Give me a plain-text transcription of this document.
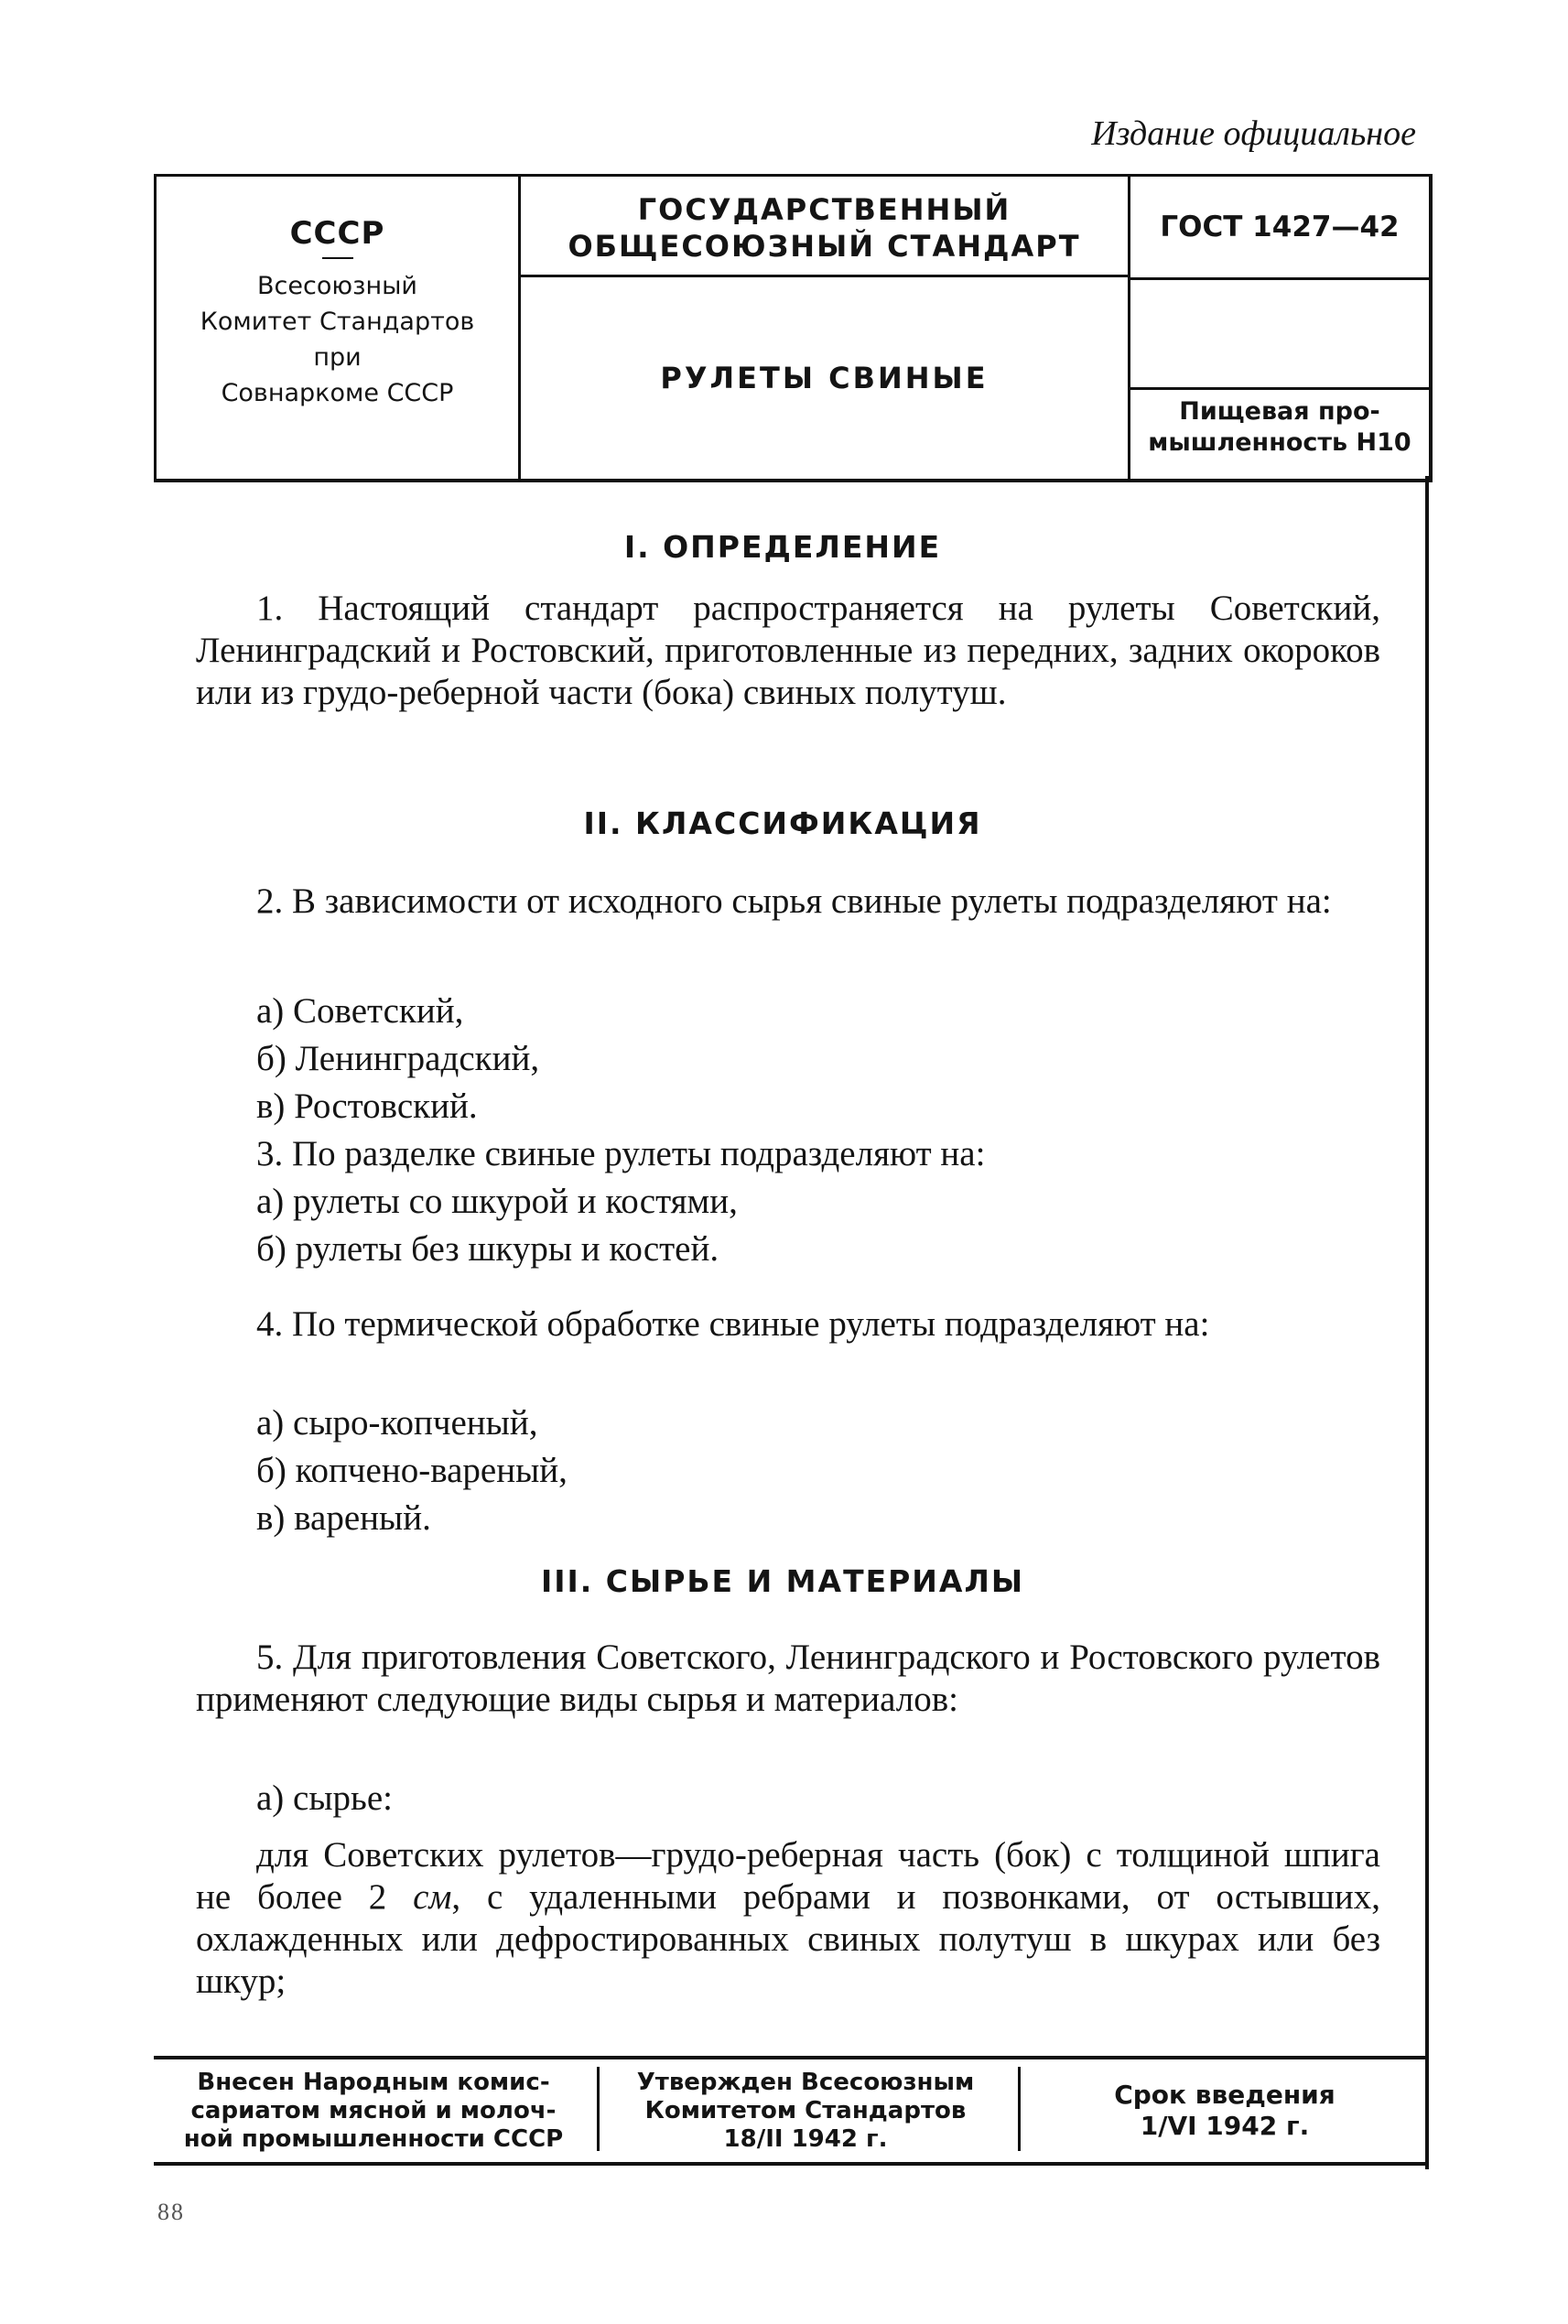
Издание официальное
СССР
Всесоюзный
Комитет Стандартов
при
Совнаркоме СССР
ГОСУДАРСТВЕННЫЙ
ОБЩЕСОЮЗНЫЙ СТАНДАРТ
РУЛЕТЫ СВИНЫЕ
ГОСТ 1427—42
Пищевая про-
мышленность Н10
I. ОПРЕДЕЛЕНИЕ
1. Настоящий стандарт распространяется на рулеты Советский, Ленинградский и Ростовский, приготовленные из передних, задних окороков или из грудо-реберной части (бока) свиных полутуш.
II. КЛАССИФИКАЦИЯ
2. В зависимости от исходного сырья свиные рулеты подразделяют на:
а) Советский,
б) Ленинградский,
в) Ростовский.
3. По разделке свиные рулеты подразделяют на:
а) рулеты со шкурой и костями,
б) рулеты без шкуры и костей.
4. По термической обработке свиные рулеты подразделяют на:
а) сыро-копченый,
б) копчено-вареный,
в) вареный.
III. СЫРЬЕ И МАТЕРИАЛЫ
5. Для приготовления Советского, Ленинградского и Ростовского рулетов применяют следующие виды сырья и материалов:
а) сырье:
для Советских рулетов—грудо-реберная часть (бок) с толщиной шпига не более 2 см, с удаленными ребрами и позвонками, от остывших, охлажденных или дефростированных свиных полутуш в шкурах или без шкур;
Внесен Народным комис-
сариатом мясной и молоч-
ной промышленности СССР
Утвержден Всесоюзным
Комитетом Стандартов
18/II 1942 г.
Срок введения
1/VI 1942 г.
88
